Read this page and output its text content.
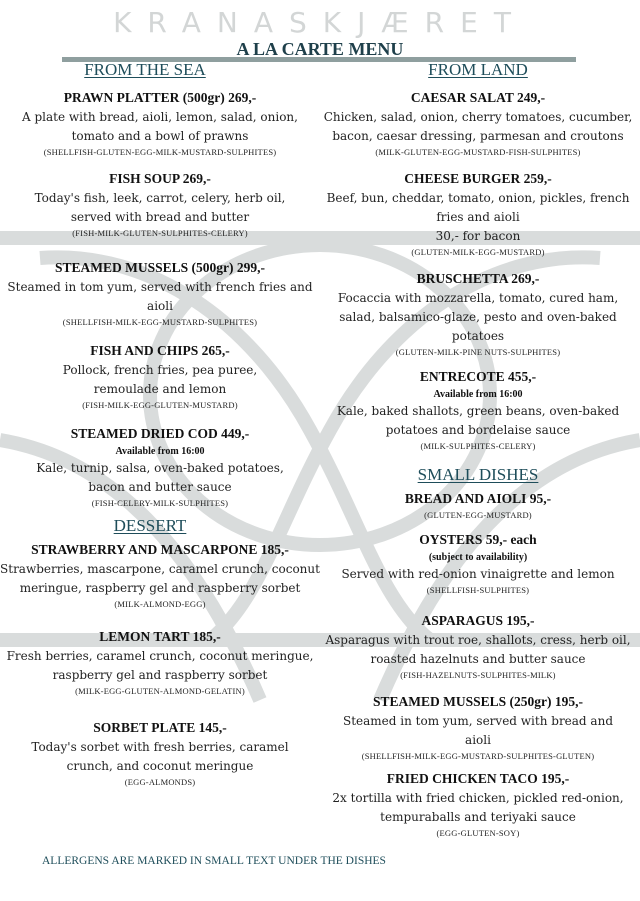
KRANASKJÆRET
A LA CARTE MENU
FROM THE SEA
PRAWN PLATTER (500gr) 269,-
A plate with bread, aioli, lemon, salad, onion,
tomato and a bowl of prawns
(SHELLFISH-GLUTEN-EGG-MILK-MUSTARD-SULPHITES)
FISH SOUP 269,-
Today's fish, leek, carrot, celery, herb oil,
served with bread and butter
(FISH-MILK-GLUTEN-SULPHITES-CELERY)
STEAMED MUSSELS (500gr) 299,-
Steamed in tom yum, served with french fries and
aioli
(SHELLFISH-MILK-EGG-MUSTARD-SULPHITES)
FISH AND CHIPS 265,-
Pollock, french fries, pea puree,
remoulade and lemon
(FISH-MILK-EGG-GLUTEN-MUSTARD)
STEAMED DRIED COD 449,-
Available from 16:00
Kale, turnip, salsa, oven-baked potatoes,
bacon and butter sauce
(FISH-CELERY-MILK-SULPHITES)
DESSERT
STRAWBERRY AND MASCARPONE 185,-
Strawberries, mascarpone, caramel crunch, coconut
meringue, raspberry gel and raspberry sorbet
(MILK-ALMOND-EGG)
LEMON TART 185,-
Fresh berries, caramel crunch, coconut meringue,
raspberry gel and raspberry sorbet
(MILK-EGG-GLUTEN-ALMOND-GELATIN)
SORBET PLATE 145,-
Today's sorbet with fresh berries, caramel
crunch, and coconut meringue
(EGG-ALMONDS)
FROM LAND
CAESAR SALAT 249,-
Chicken, salad, onion, cherry tomatoes, cucumber,
bacon, caesar dressing, parmesan and croutons
(MILK-GLUTEN-EGG-MUSTARD-FISH-SULPHITES)
CHEESE BURGER 259,-
Beef, bun, cheddar, tomato, onion, pickles, french
fries and aioli
30,- for bacon
(GLUTEN-MILK-EGG-MUSTARD)
BRUSCHETTA 269,-
Focaccia with mozzarella, tomato, cured ham,
salad, balsamico-glaze, pesto and oven-baked
potatoes
(GLUTEN-MILK-PINE NUTS-SULPHITES)
ENTRECOTE 455,-
Available from 16:00
Kale, baked shallots, green beans, oven-baked
potatoes and bordelaise sauce
(MILK-SULPHITES-CELERY)
SMALL DISHES
BREAD AND AIOLI 95,-
(GLUTEN-EGG-MUSTARD)
OYSTERS 59,- each
(subject to availability)
Served with red-onion vinaigrette and lemon
(SHELLFISH-SULPHITES)
ASPARAGUS 195,-
Asparagus with trout roe, shallots, cress, herb oil,
roasted hazelnuts and butter sauce
(FISH-HAZELNUTS-SULPHITES-MILK)
STEAMED MUSSELS (250gr) 195,-
Steamed in tom yum, served with bread and
aioli
(SHELLFISH-MILK-EGG-MUSTARD-SULPHITES-GLUTEN)
FRIED CHICKEN TACO 195,-
2x tortilla with fried chicken, pickled red-onion,
tempuraballs and teriyaki sauce
(EGG-GLUTEN-SOY)
ALLERGENS ARE MARKED IN SMALL TEXT UNDER THE DISHES
